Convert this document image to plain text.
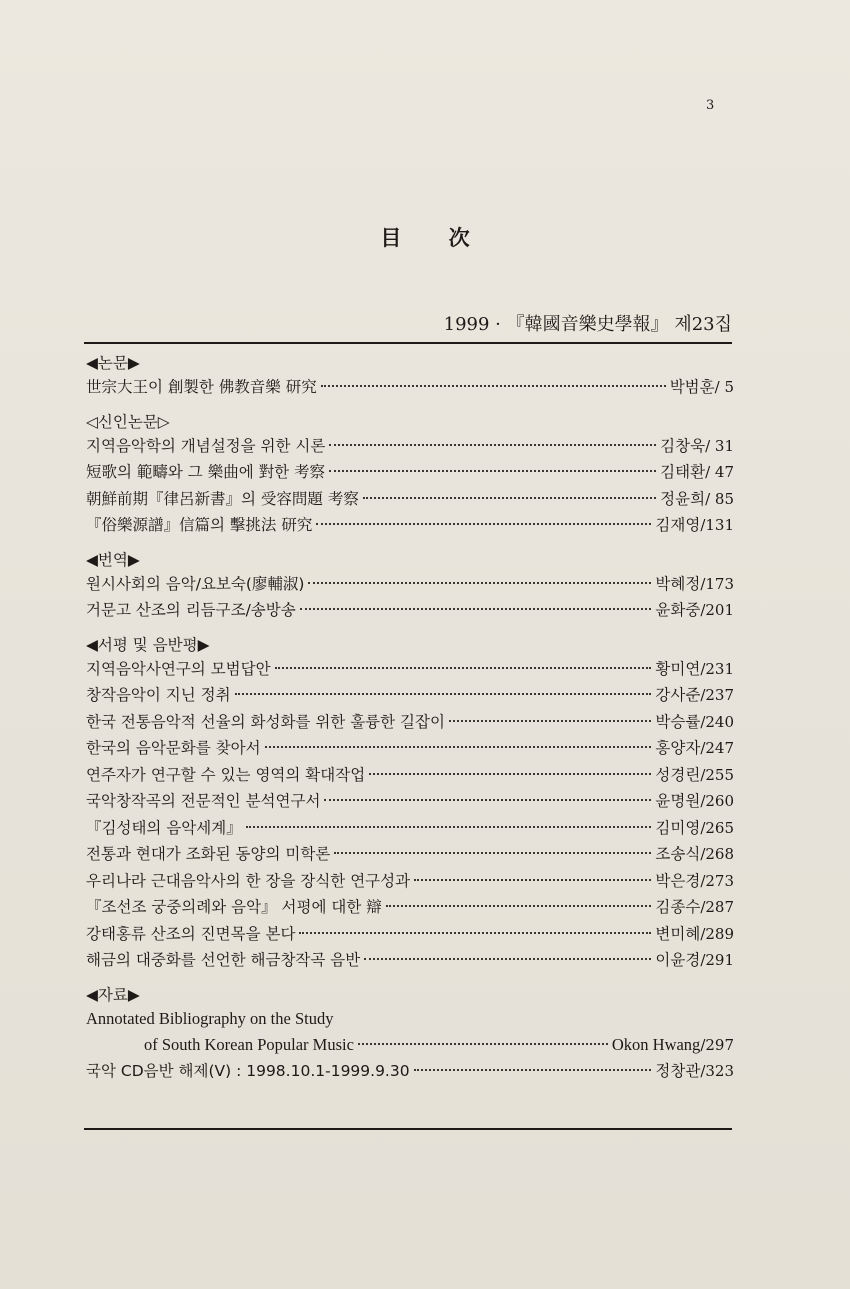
3
目 次
1999 · 『韓國音樂史學報』 제23집
◀논문▶
世宗大王이 創製한 佛教音樂 研究	박범훈 / 5
◁신인논문▷
지역음악학의 개념설정을 위한 시론	김창욱 / 31
短歌의 範疇와 그 樂曲에 對한 考察	김태환 / 47
朝鮮前期『律呂新書』의 受容問題 考察	정윤희 / 85
『俗樂源譜』信篇의 擊挑法 研究	김재영 /131
◀번역▶
원시사회의 음악/요보숙(廖輔淑)	박혜정 /173
거문고 산조의 리듬구조/송방송	윤화중 /201
◀서평 및 음반평▶
지역음악사연구의 모범답안	황미연 /231
창작음악이 지닌 정취	강사준 /237
한국 전통음악적 선율의 화성화를 위한 훌륭한 길잡이	박승률 /240
한국의 음악문화를 찾아서	홍양자 /247
연주자가 연구할 수 있는 영역의 확대작업	성경린 /255
국악창작곡의 전문적인 분석연구서	윤명원 /260
『김성태의 음악세계』	김미영 /265
전통과 현대가 조화된 동양의 미학론	조송식 /268
우리나라 근대음악사의 한 장을 장식한 연구성과	박은경 /273
『조선조 궁중의례와 음악』 서평에 대한 辯	김종수 /287
강태홍류 산조의 진면목을 본다	변미혜 /289
해금의 대중화를 선언한 해금창작곡 음반	이윤경 /291
◀자료▶
Annotated Bibliography on the Study
of South Korean Popular Music	Okon Hwang /297
국악 CD음반 해제(Ⅴ) : 1998.10.1-1999.9.30	정창관 /323
